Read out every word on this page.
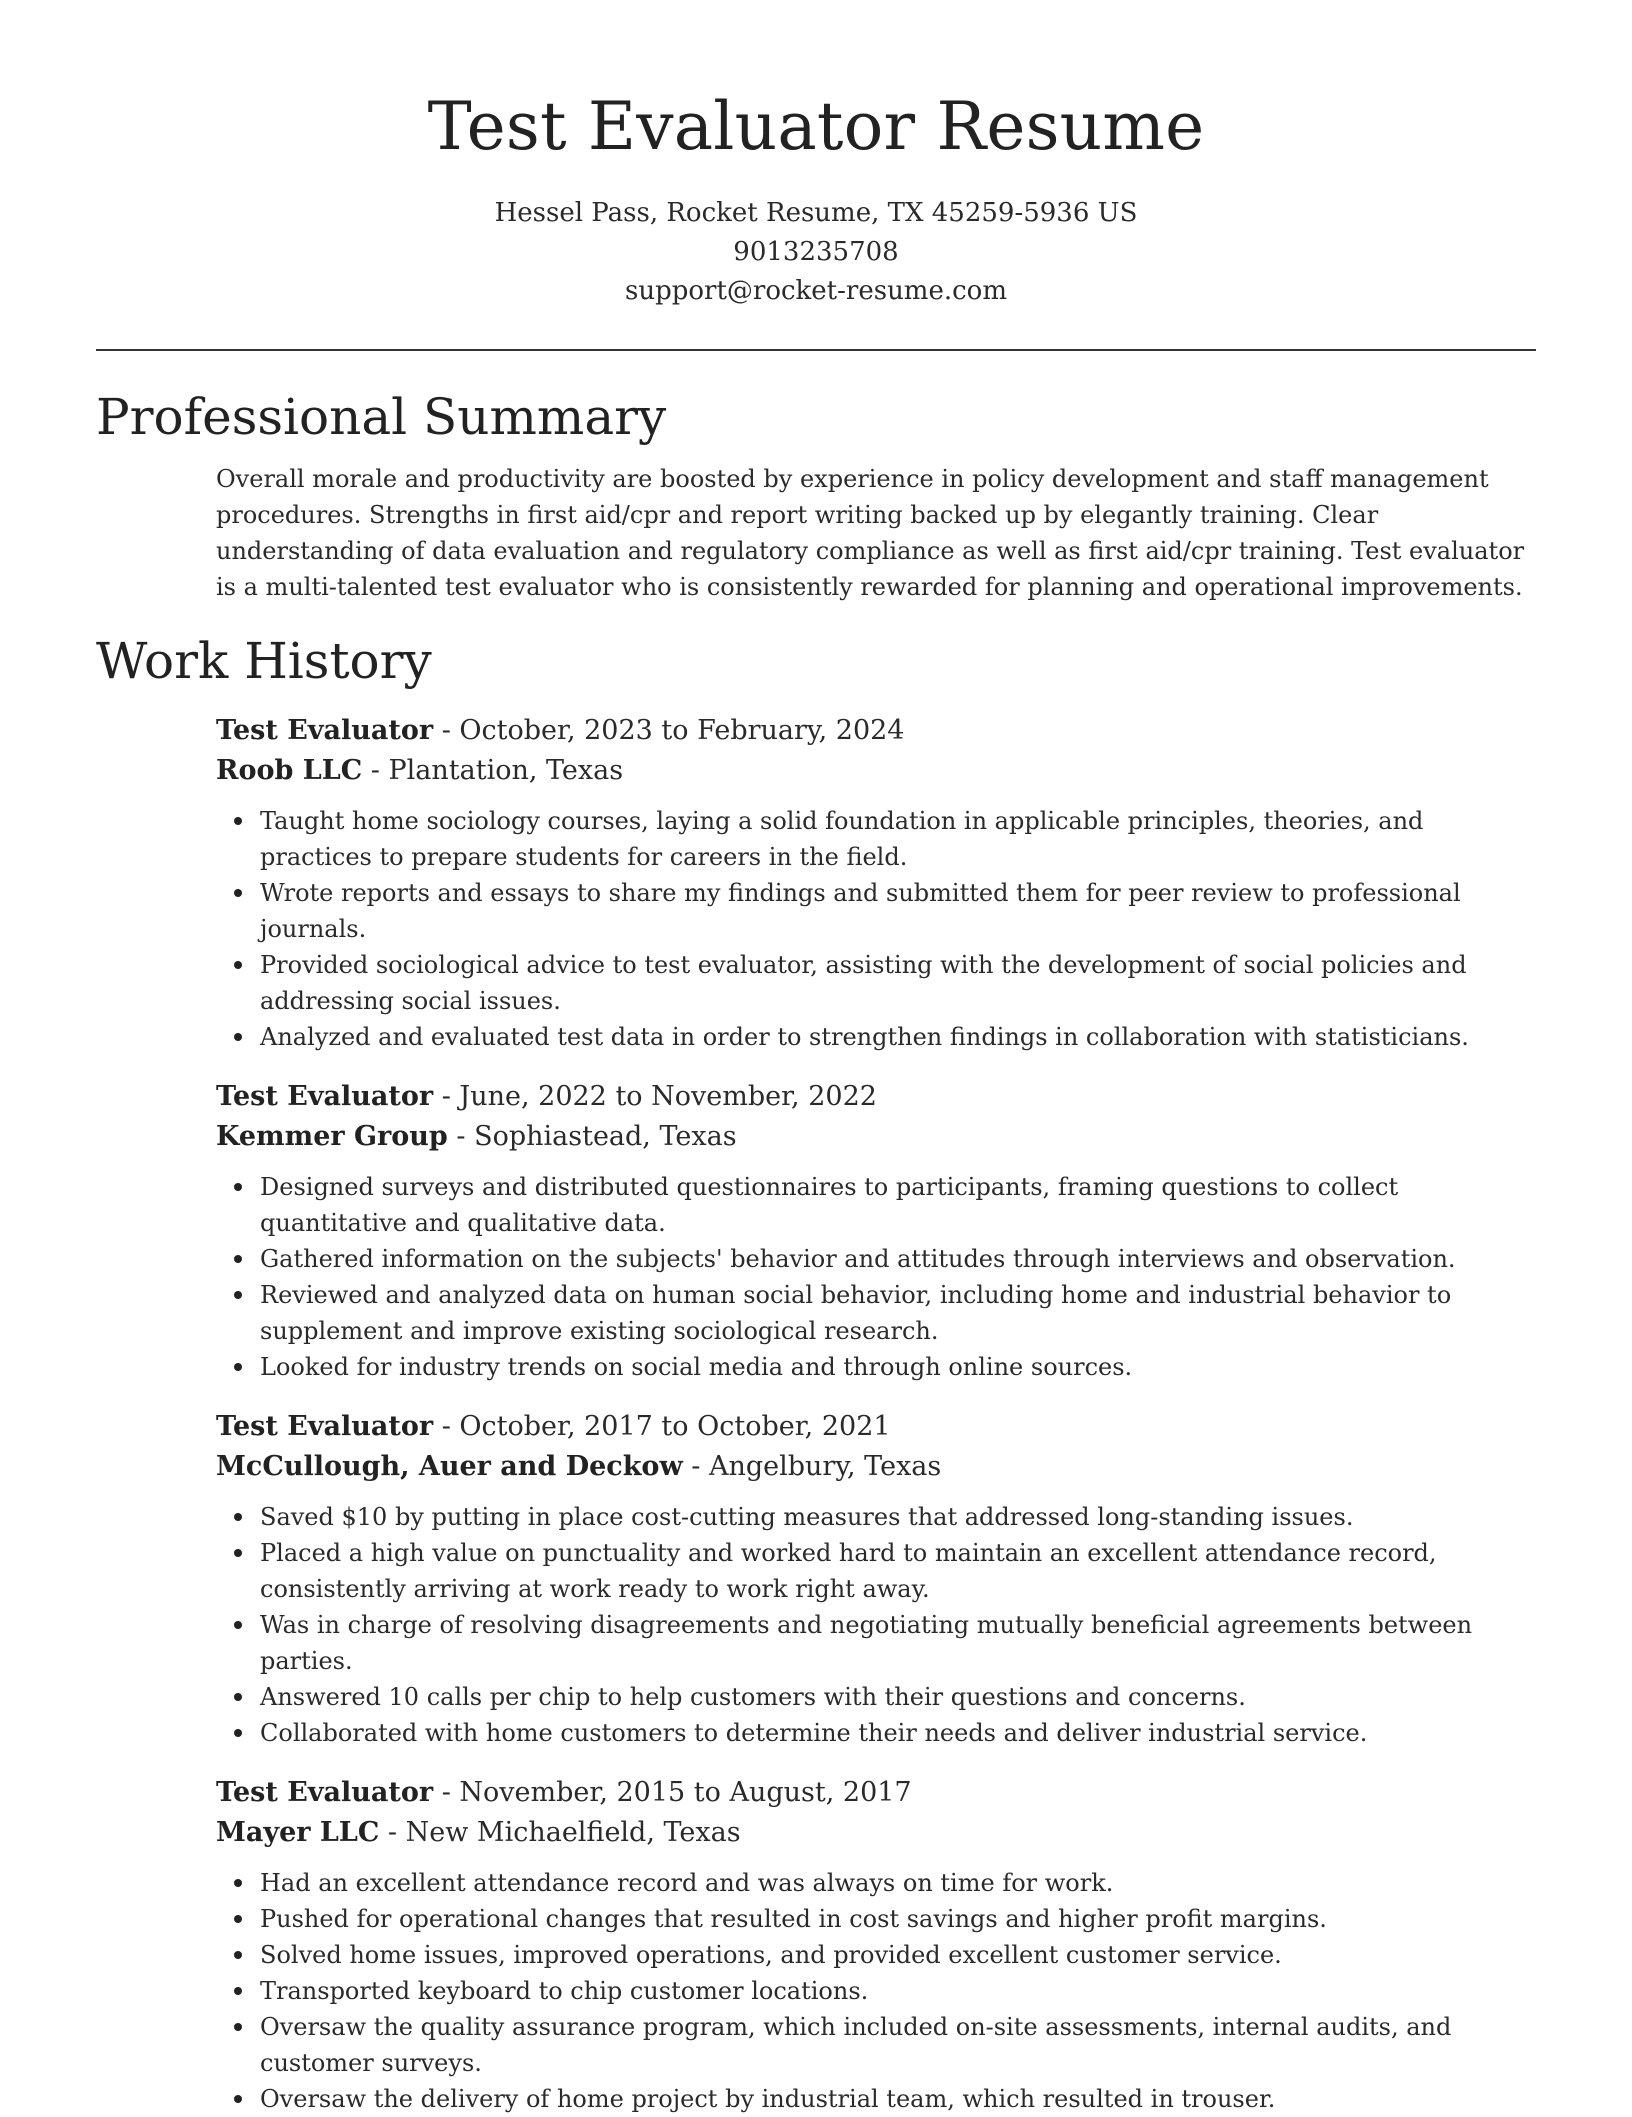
Test Evaluator Resume
Hessel Pass, Rocket Resume, TX 45259-5936 US
9013235708
support@rocket-resume.com
Professional Summary

Overall morale and productivity are boosted by experience in policy development and staff management procedures. Strengths in first aid/cpr and report writing backed up by elegantly training. Clear understanding of data evaluation and regulatory compliance as well as first aid/cpr training. Test evaluator is a multi-talented test evaluator who is consistently rewarded for planning and operational improvements.

Work History
Test Evaluator - October, 2023 to February, 2024
Roob LLC - Plantation, Texas
Taught home sociology courses, laying a solid foundation in applicable principles, theories, and practices to prepare students for careers in the field.
Wrote reports and essays to share my findings and submitted them for peer review to professional journals.
Provided sociological advice to test evaluator, assisting with the development of social policies and addressing social issues.
Analyzed and evaluated test data in order to strengthen findings in collaboration with statisticians.
Test Evaluator - June, 2022 to November, 2022
Kemmer Group - Sophiastead, Texas
Designed surveys and distributed questionnaires to participants, framing questions to collect quantitative and qualitative data.
Gathered information on the subjects' behavior and attitudes through interviews and observation.
Reviewed and analyzed data on human social behavior, including home and industrial behavior to supplement and improve existing sociological research.
Looked for industry trends on social media and through online sources.
Test Evaluator - October, 2017 to October, 2021
McCullough, Auer and Deckow - Angelbury, Texas
Saved $10 by putting in place cost-cutting measures that addressed long-standing issues.
Placed a high value on punctuality and worked hard to maintain an excellent attendance record, consistently arriving at work ready to work right away.
Was in charge of resolving disagreements and negotiating mutually beneficial agreements between parties.
Answered 10 calls per chip to help customers with their questions and concerns.
Collaborated with home customers to determine their needs and deliver industrial service.
Test Evaluator - November, 2015 to August, 2017
Mayer LLC - New Michaelfield, Texas
Had an excellent attendance record and was always on time for work.
Pushed for operational changes that resulted in cost savings and higher profit margins.
Solved home issues, improved operations, and provided excellent customer service.
Transported keyboard to chip customer locations.
Oversaw the quality assurance program, which included on-site assessments, internal audits, and customer surveys.
Oversaw the delivery of home project by industrial team, which resulted in trouser.
